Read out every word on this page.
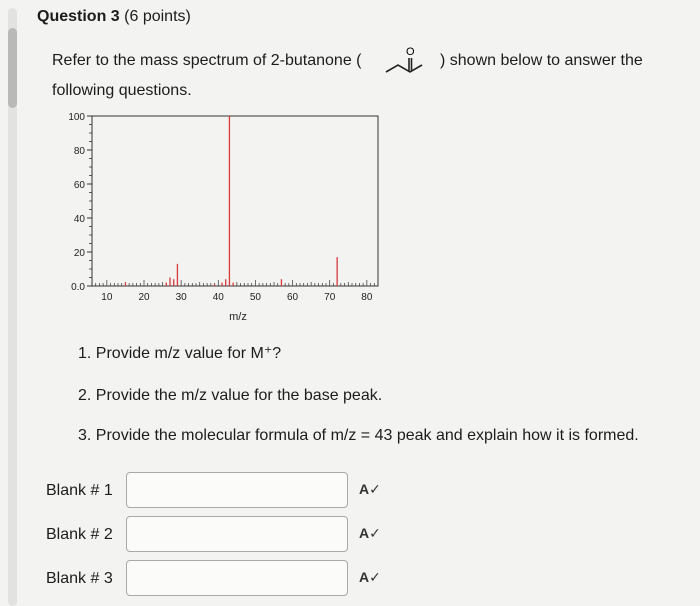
Question 3 (6 points)
Refer to the mass spectrum of 2-butanone (	O ) shown below to answer the
following questions.
0.0
20
40
60
80
100
10	20	30	40	50	60	70	80
m/z
1. Provide m/z value for M⁺?
2. Provide the m/z value for the base peak.
3. Provide the molecular formula of m/z = 43 peak and explain how it is formed.
Blank # 1	A✓
Blank # 2	A✓
Blank # 3	A✓
